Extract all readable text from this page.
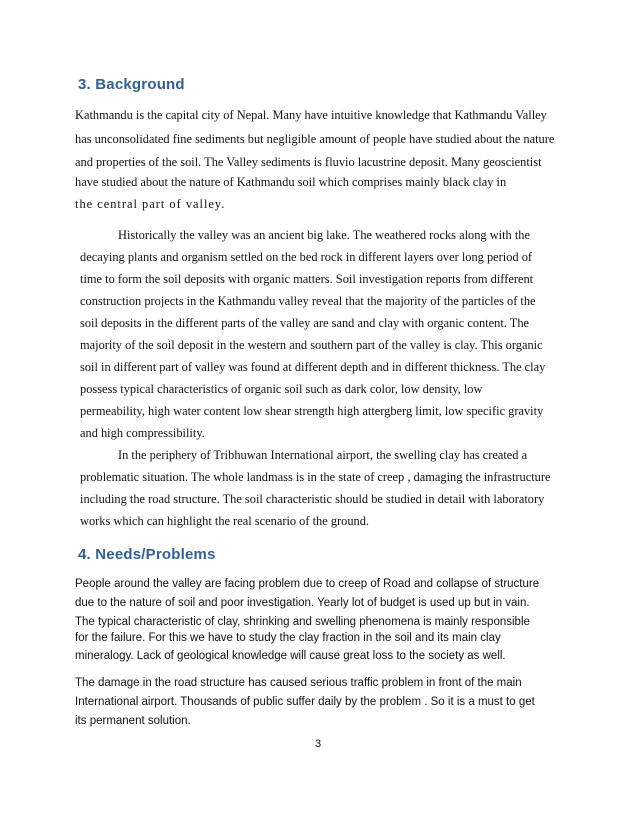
3. Background
Kathmandu is the capital city of Nepal. Many have intuitive knowledge that Kathmandu Valley
has unconsolidated fine sediments but negligible amount of people have studied about the nature
and properties of the soil. The Valley sediments is fluvio lacustrine deposit. Many geoscientist
have studied about the nature of Kathmandu soil which comprises mainly black clay in
the central part of valley.
Historically the valley was an ancient big lake. The weathered rocks along with the
decaying plants and organism settled on the bed rock in different layers over long period of
time to form the soil deposits with organic matters. Soil investigation reports from different
construction projects in the Kathmandu valley reveal that the majority of the particles of the
soil deposits in the different parts of the valley are sand and clay with organic content. The
majority of the soil deposit in the western and southern part of the valley is clay. This organic
soil in different part of valley was found at different depth and in different thickness. The clay
possess typical characteristics of organic soil such as dark color, low density, low
permeability, high water content low shear strength high attergberg limit, low specific gravity
and high compressibility.
In the periphery of Tribhuwan International airport, the swelling clay has created a
problematic situation. The whole landmass is in the state of creep , damaging the infrastructure
including the road structure. The soil characteristic should be studied in detail with laboratory
works which can highlight the real scenario of the ground.
4. Needs/Problems
People around the valley are facing problem due to creep of Road and collapse of structure
due to the nature of soil and poor investigation. Yearly lot of budget is used up but in vain.
The typical characteristic of clay, shrinking and swelling phenomena is mainly responsible
for the failure. For this we have to study the clay fraction in the soil and its main clay
mineralogy. Lack of geological knowledge will cause great loss to the society as well.
The damage in the road structure has caused serious traffic problem in front of the main
International airport. Thousands of public suffer daily by the problem . So it is a must to get
its permanent solution.
3
